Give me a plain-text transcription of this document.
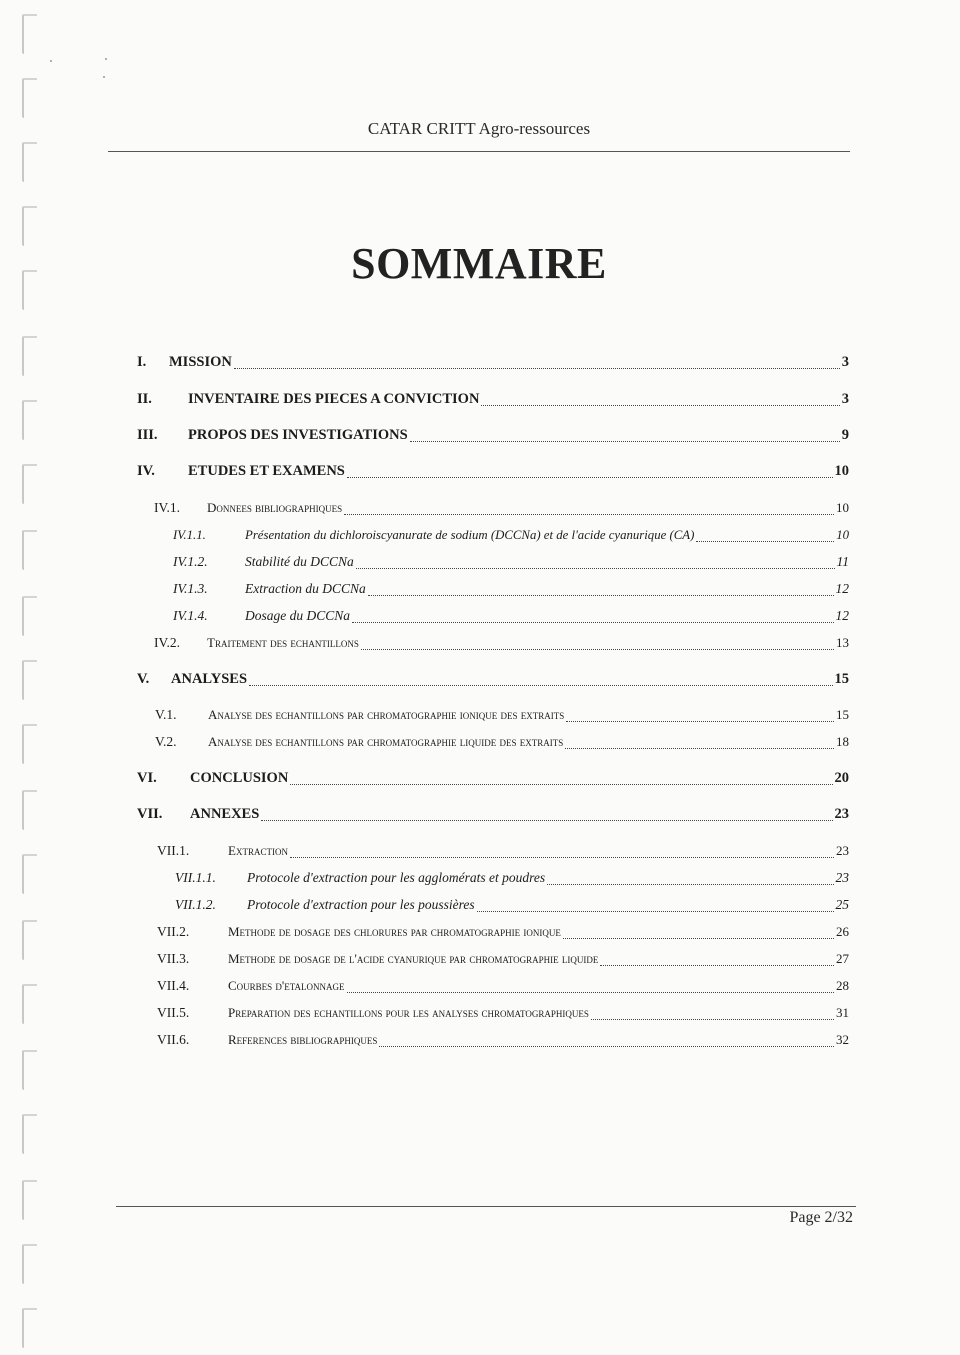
CATAR CRITT Agro-ressources
SOMMAIRE
I.	MISSION	3
II.	INVENTAIRE DES PIECES A CONVICTION	3
III.	PROPOS DES INVESTIGATIONS	9
IV.	ETUDES ET EXAMENS	10
IV.1.	Donnees bibliographiques	10
IV.1.1.	Présentation du dichloroiscyanurate de sodium (DCCNa) et de l'acide cyanurique (CA)	10
IV.1.2.	Stabilité du DCCNa	11
IV.1.3.	Extraction du DCCNa	12
IV.1.4.	Dosage du DCCNa	12
IV.2.	Traitement des echantillons	13
V.	ANALYSES	15
V.1.	Analyse des echantillons par chromatographie ionique des extraits	15
V.2.	Analyse des echantillons par chromatographie liquide des extraits	18
VI.	CONCLUSION	20
VII.	ANNEXES	23
VII.1.	Extraction	23
VII.1.1.	Protocole d'extraction pour les agglomérats et poudres	23
VII.1.2.	Protocole d'extraction pour les poussières	25
VII.2.	Methode de dosage des chlorures par chromatographie ionique	26
VII.3.	Methode de dosage de l'acide cyanurique par chromatographie liquide	27
VII.4.	Courbes d'etalonnage	28
VII.5.	Preparation des echantillons pour les analyses chromatographiques	31
VII.6.	References bibliographiques	32
Page 2/32
